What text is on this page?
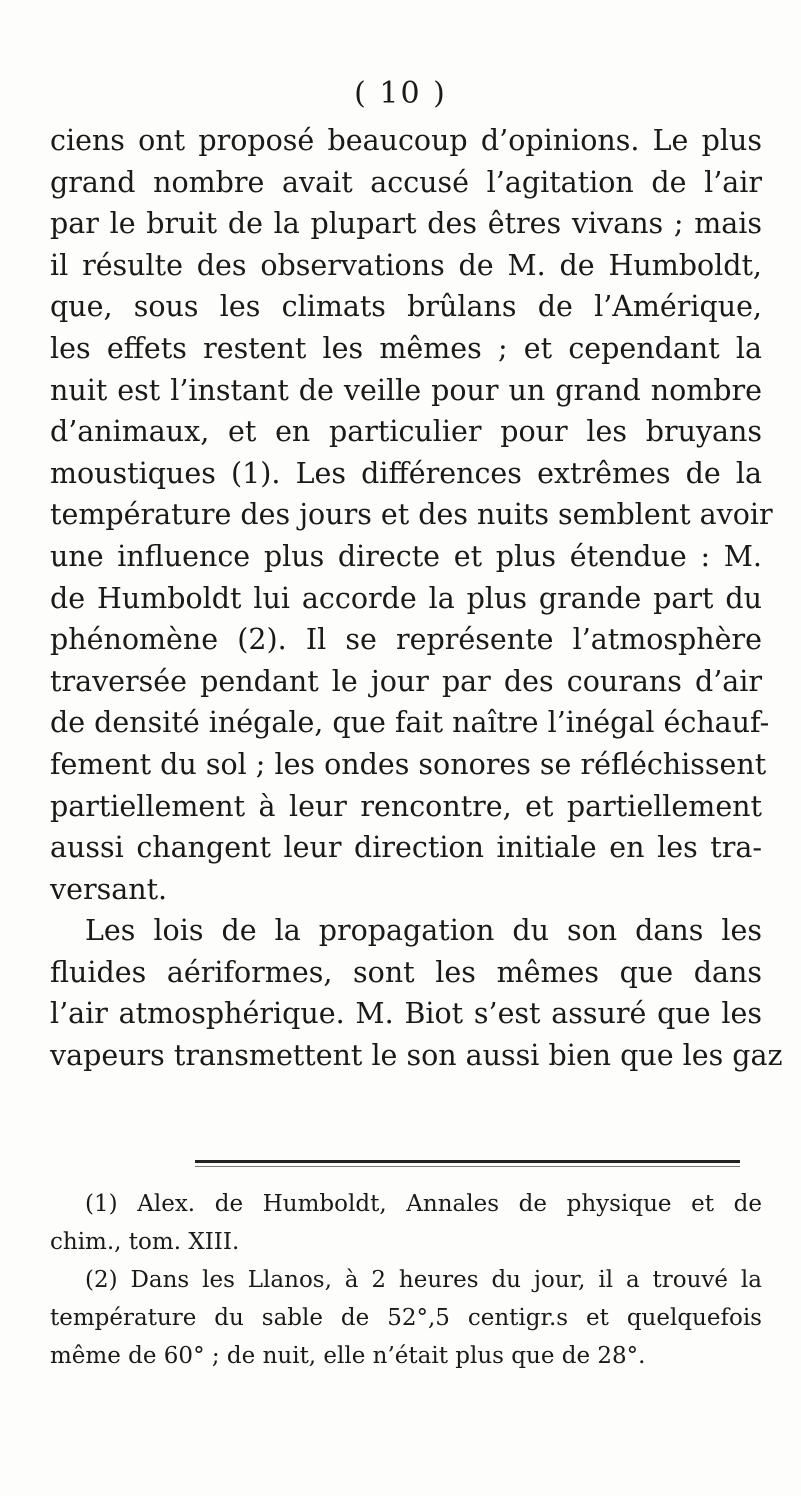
( 10 )
ciens ont proposé beaucoup d’opinions. Le plus
grand nombre avait accusé l’agitation de l’air
par le bruit de la plupart des êtres vivans ; mais
il résulte des observations de M. de Humboldt,
que, sous les climats brûlans de l’Amérique,
les effets restent les mêmes ; et cependant la
nuit est l’instant de veille pour un grand nombre
d’animaux, et en particulier pour les bruyans
moustiques (1). Les différences extrêmes de la
température des jours et des nuits semblent avoir
une influence plus directe et plus étendue : M.
de Humboldt lui accorde la plus grande part du
phénomène (2). Il se représente l’atmosphère
traversée pendant le jour par des courans d’air
de densité inégale, que fait naître l’inégal échauf-
fement du sol ; les ondes sonores se réfléchissent
partiellement à leur rencontre, et partiellement
aussi changent leur direction initiale en les tra-
versant.
Les lois de la propagation du son dans les
fluides aériformes, sont les mêmes que dans
l’air atmosphérique. M. Biot s’est assuré que les
vapeurs transmettent le son aussi bien que les gaz
(1) Alex. de Humboldt, Annales de physique et de
chim., tom. XIII.
(2) Dans les Llanos, à 2 heures du jour, il a trouvé la
température du sable de 52°,5 centigr.s et quelquefois
même de 60° ; de nuit, elle n’était plus que de 28°.
